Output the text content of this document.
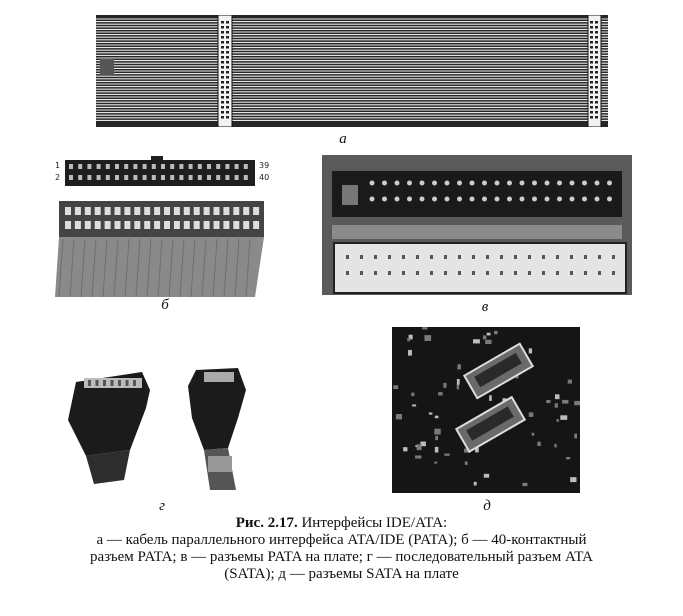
а
1
2
39
40
б	в
г	д
Рис. 2.17. Интерфейсы IDE/ATA:
а — кабель параллельного интерфейса ATA/IDE (PATA); б — 40-контактный
разъем PATA; в — разъемы PATA на плате; г — последовательный разъем ATA
(SATA); д — разъемы SATA на плате
